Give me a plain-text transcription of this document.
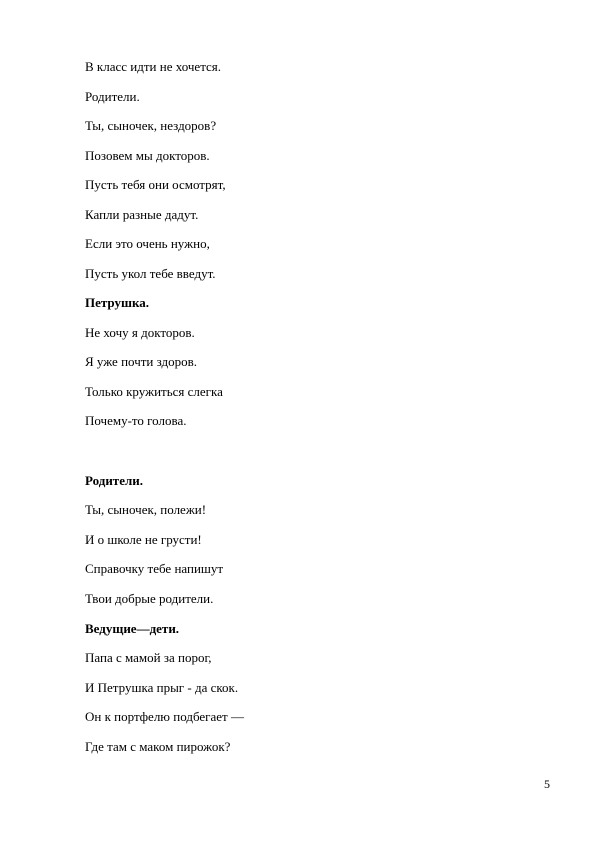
В класс идти не хочется.
Родители.
Ты, сыночек, нездоров?
Позовем мы докторов.
Пусть тебя они осмотрят,
Капли разные дадут.
Если это очень нужно,
Пусть укол тебе введут.
Петрушка.
Не хочу я докторов.
Я уже почти здоров.
Только кружиться слегка
Почему-то голова.
Родители.
Ты, сыночек, полежи!
И о школе не грусти!
Справочку тебе напишут
Твои добрые родители.
Ведущие—дети.
Папа с мамой за порог,
И Петрушка прыг - да скок.
Он к портфелю подбегает —
Где там с маком пирожок?
5
